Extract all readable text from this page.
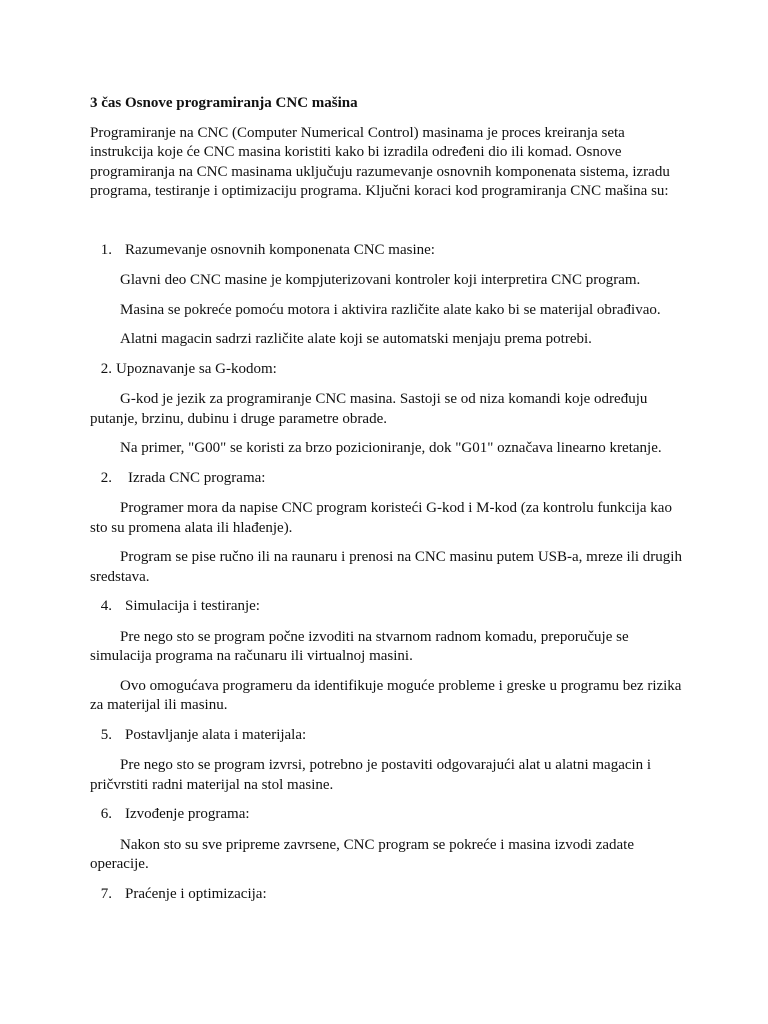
3 čas Osnove programiranja CNC mašina

Programiranje na CNC (Computer Numerical Control) masinama je proces kreiranja seta instrukcija koje će CNC masina koristiti kako bi izradila određeni dio ili komad. Osnove programiranja na CNC masinama uključuju razumevanje osnovnih komponenata sistema, izradu programa, testiranje i optimizaciju programa. Ključni koraci kod programiranja CNC mašina su:

1. Razumevanje osnovnih komponenata CNC masine:

Glavni deo CNC masine je kompjuterizovani kontroler koji interpretira CNC program.

Masina se pokreće pomoću motora i aktivira različite alate kako bi se materijal obrađivao.

Alatni magacin sadrzi različite alate koji se automatski menjaju prema potrebi.

2. Upoznavanje sa G-kodom:

G-kod je jezik za programiranje CNC masina. Sastoji se od niza komandi koje određuju putanje, brzinu, dubinu i druge parametre obrade.

Na primer, "G00" se koristi za brzo pozicioniranje, dok "G01" označava linearno kretanje.

2. Izrada CNC programa:

Programer mora da napise CNC program koristeći G-kod i M-kod (za kontrolu funkcija kao sto su promena alata ili hlađenje).

Program se pise ručno ili na raunaru i prenosi na CNC masinu putem USB-a, mreze ili drugih sredstava.

4. Simulacija i testiranje:

Pre nego sto se program počne izvoditi na stvarnom radnom komadu, preporučuje se simulacija programa na računaru ili virtualnoj masini.

Ovo omogućava programeru da identifikuje moguće probleme i greske u programu bez rizika za materijal ili masinu.

5. Postavljanje alata i materijala:

Pre nego sto se program izvrsi, potrebno je postaviti odgovarajući alat u alatni magacin i pričvrstiti radni materijal na stol masine.

6. Izvođenje programa:

Nakon sto su sve pripreme zavrsene, CNC program se pokreće i masina izvodi zadate operacije.

7. Praćenje i optimizacija:
